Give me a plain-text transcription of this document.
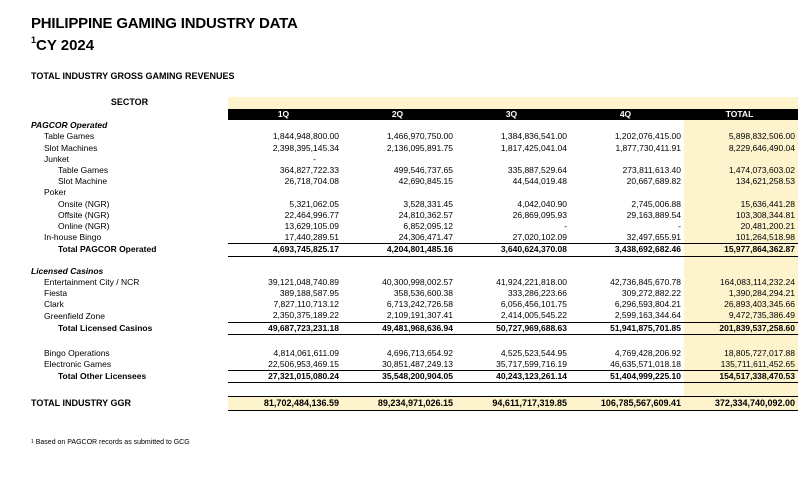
PHILIPPINE GAMING INDUSTRY DATA
$^1$CY 2024
TOTAL INDUSTRY GROSS GAMING REVENUES
SECTOR					
	1Q	2Q	3Q	4Q	TOTAL
PAGCOR Operated					
Table Games	1,844,948,800.00	1,466,970,750.00	1,384,836,541.00	1,202,076,415.00	5,898,832,506.00
Slot Machines	2,398,395,145.34	2,136,095,891.75	1,817,425,041.04	1,877,730,411.91	8,229,646,490.04
Junket	-				
Table Games	364,827,722.33	499,546,737.65	335,887,529.64	273,811,613.40	1,474,073,603.02
Slot Machine	26,718,704.08	42,690,845.15	44,544,019.48	20,667,689.82	134,621,258.53
Poker					
Onsite (NGR)	5,321,062.05	3,528,331.45	4,042,040.90	2,745,006.88	15,636,441.28
Offsite (NGR)	22,464,996.77	24,810,362.57	26,869,095.93	29,163,889.54	103,308,344.81
Online (NGR)	13,629,105.09	6,852,095.12	-	-	20,481,200.21
In-house Bingo	17,440,289.51	24,306,471.47	27,020,102.09	32,497,655.91	101,264,518.98
Total PAGCOR Operated	4,693,745,825.17	4,204,801,485.16	3,640,624,370.08	3,438,692,682.46	15,977,864,362.87

Licensed Casinos					
Entertainment City / NCR	39,121,048,740.89	40,300,998,002.57	41,924,221,818.00	42,736,845,670.78	164,083,114,232.24
Fiesta	389,188,587.95	358,536,600.38	333,286,223.66	309,272,882.22	1,390,284,294.21
Clark	7,827,110,713.12	6,713,242,726.58	6,056,456,101.75	6,296,593,804.21	26,893,403,345.66
Greenfield Zone	2,350,375,189.22	2,109,191,307.41	2,414,005,545.22	2,599,163,344.64	9,472,735,386.49
Total Licensed Casinos	49,687,723,231.18	49,481,968,636.94	50,727,969,688.63	51,941,875,701.85	201,839,537,258.60

Bingo Operations	4,814,061,611.09	4,696,713,654.92	4,525,523,544.95	4,769,428,206.92	18,805,727,017.88
Electronic Games	22,506,953,469.15	30,851,487,249.13	35,717,599,716.19	46,635,571,018.18	135,711,611,452.65
Total Other Licensees	27,321,015,080.24	35,548,200,904.05	40,243,123,261.14	51,404,999,225.10	154,517,338,470.53

TOTAL INDUSTRY GGR	81,702,484,136.59	89,234,971,026.15	94,611,717,319.85	106,785,567,609.41	372,334,740,092.00
$^1$ Based on PAGCOR records as submitted to GCG
